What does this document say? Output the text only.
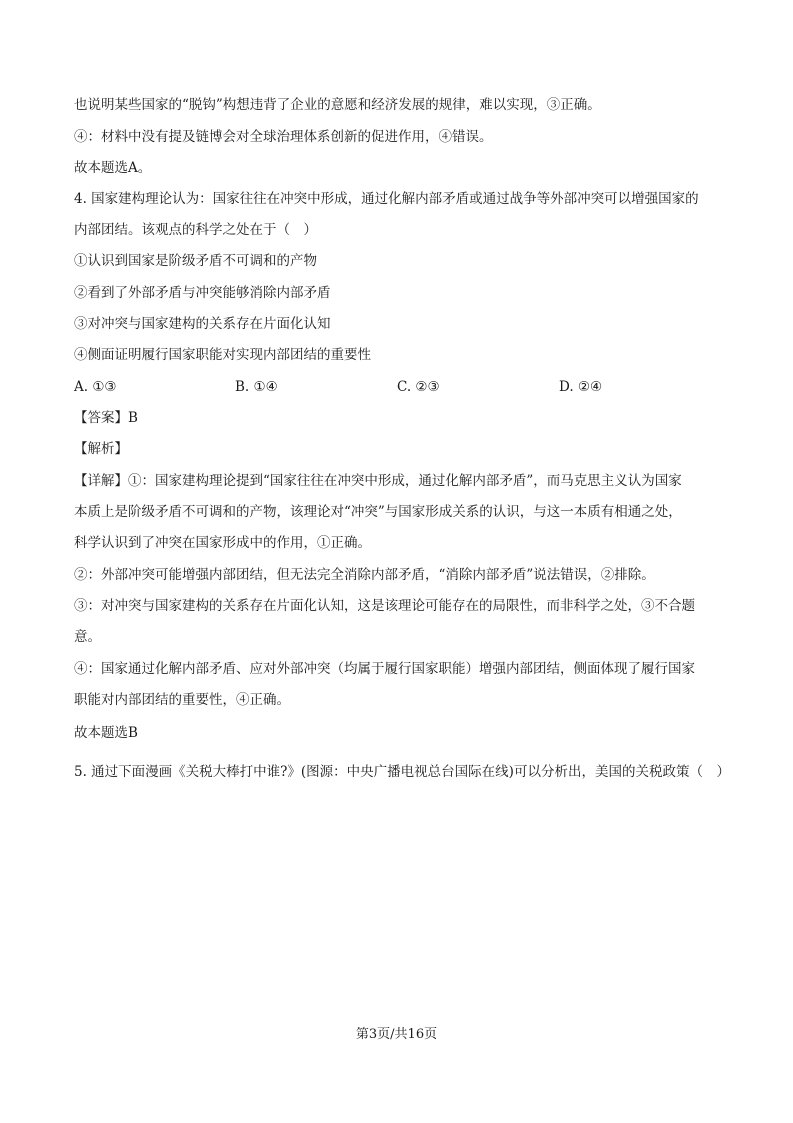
也说明某些国家的“脱钩”构想违背了企业的意愿和经济发展的规律，难以实现，③正确。
④：材料中没有提及链博会对全球治理体系创新的促进作用，④错误。
故本题选A。
4. 国家建构理论认为：国家往往在冲突中形成，通过化解内部矛盾或通过战争等外部冲突可以增强国家的
内部团结。该观点的科学之处在于（　）
①认识到国家是阶级矛盾不可调和的产物
②看到了外部矛盾与冲突能够消除内部矛盾
③对冲突与国家建构的关系存在片面化认知
④侧面证明履行国家职能对实现内部团结的重要性
A. ①③	B. ①④	C. ②③	D. ②④
【答案】B
【解析】
【详解】①：国家建构理论提到“国家往往在冲突中形成，通过化解内部矛盾”，而马克思主义认为国家
本质上是阶级矛盾不可调和的产物，该理论对“冲突”与国家形成关系的认识，与这一本质有相通之处，
科学认识到了冲突在国家形成中的作用，①正确。
②：外部冲突可能增强内部团结，但无法完全消除内部矛盾，“消除内部矛盾”说法错误，②排除。
③：对冲突与国家建构的关系存在片面化认知，这是该理论可能存在的局限性，而非科学之处，③不合题
意。
④：国家通过化解内部矛盾、应对外部冲突（均属于履行国家职能）增强内部团结，侧面体现了履行国家
职能对内部团结的重要性，④正确。
故本题选B
5. 通过下面漫画《关税大棒打中谁?》(图源：中央广播电视总台国际在线)可以分析出，美国的关税政策（　）
第3页/共16页
